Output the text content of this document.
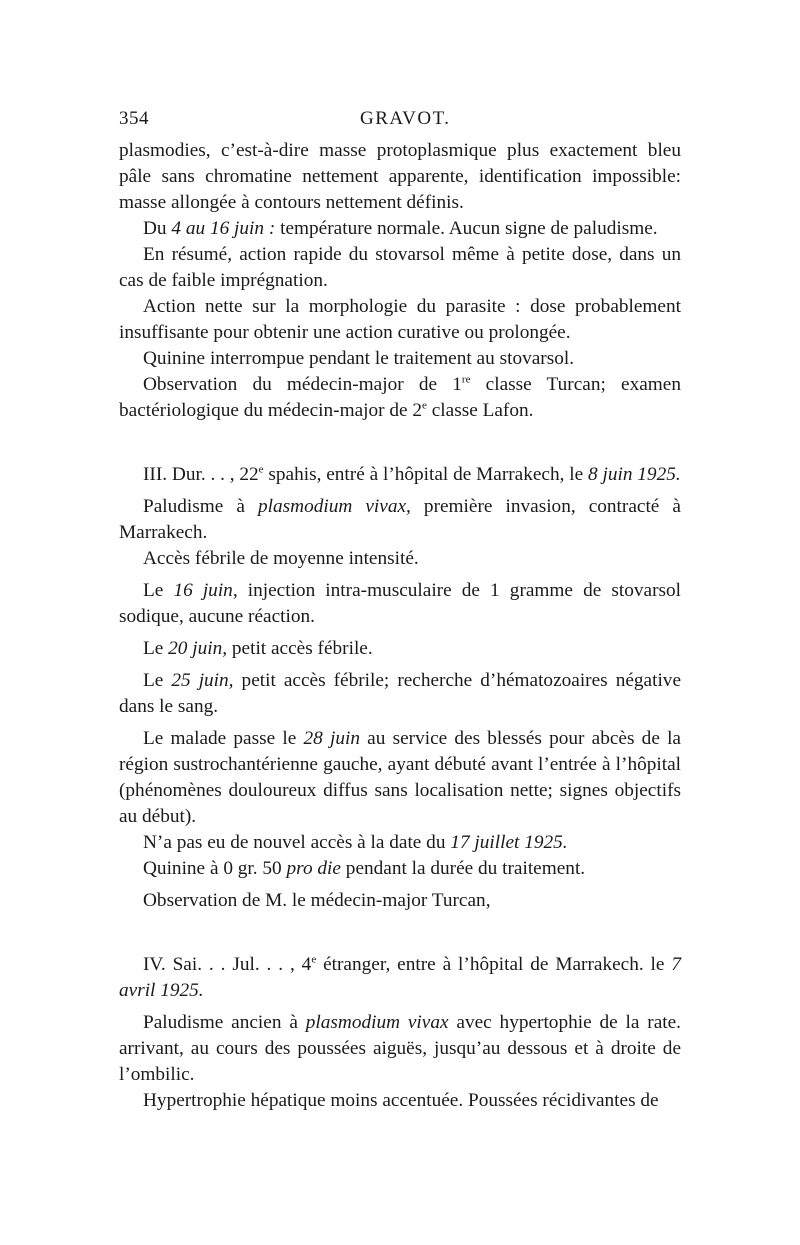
354	GRAVOT.

plasmodies, c’est-à-dire masse protoplasmique plus exactement bleu pâle sans chromatine nettement apparente, identification impossible: masse allongée à contours nettement définis.

Du 4 au 16 juin : température normale. Aucun signe de paludisme.

En résumé, action rapide du stovarsol même à petite dose, dans un cas de faible imprégnation.

Action nette sur la morphologie du parasite : dose probablement insuffisante pour obtenir une action curative ou prolongée.

Quinine interrompue pendant le traitement au stovarsol.

Observation du médecin-major de 1re classe Turcan; examen bactériologique du médecin-major de 2e classe Lafon.

III. Dur. . . , 22e spahis, entré à l’hôpital de Marrakech, le 8 juin 1925.

Paludisme à plasmodium vivax, première invasion, contracté à Marrakech.

Accès fébrile de moyenne intensité.

Le 16 juin, injection intra-musculaire de 1 gramme de stovarsol sodique, aucune réaction.

Le 20 juin, petit accès fébrile.

Le 25 juin, petit accès fébrile; recherche d’hématozoaires négative dans le sang.

Le malade passe le 28 juin au service des blessés pour abcès de la région sustrochantérienne gauche, ayant débuté avant l’entrée à l’hôpital (phénomènes douloureux diffus sans localisation nette; signes objectifs au début).

N’a pas eu de nouvel accès à la date du 17 juillet 1925.

Quinine à 0 gr. 50 pro die pendant la durée du traitement.

Observation de M. le médecin-major Turcan,

IV. Sai. . . Jul. . . , 4e étranger, entre à l’hôpital de Marrakech. le 7 avril 1925.

Paludisme ancien à plasmodium vivax avec hypertophie de la rate. arrivant, au cours des poussées aiguës, jusqu’au dessous et à droite de l’ombilic.

Hypertrophie hépatique moins accentuée. Poussées récidivantes de
